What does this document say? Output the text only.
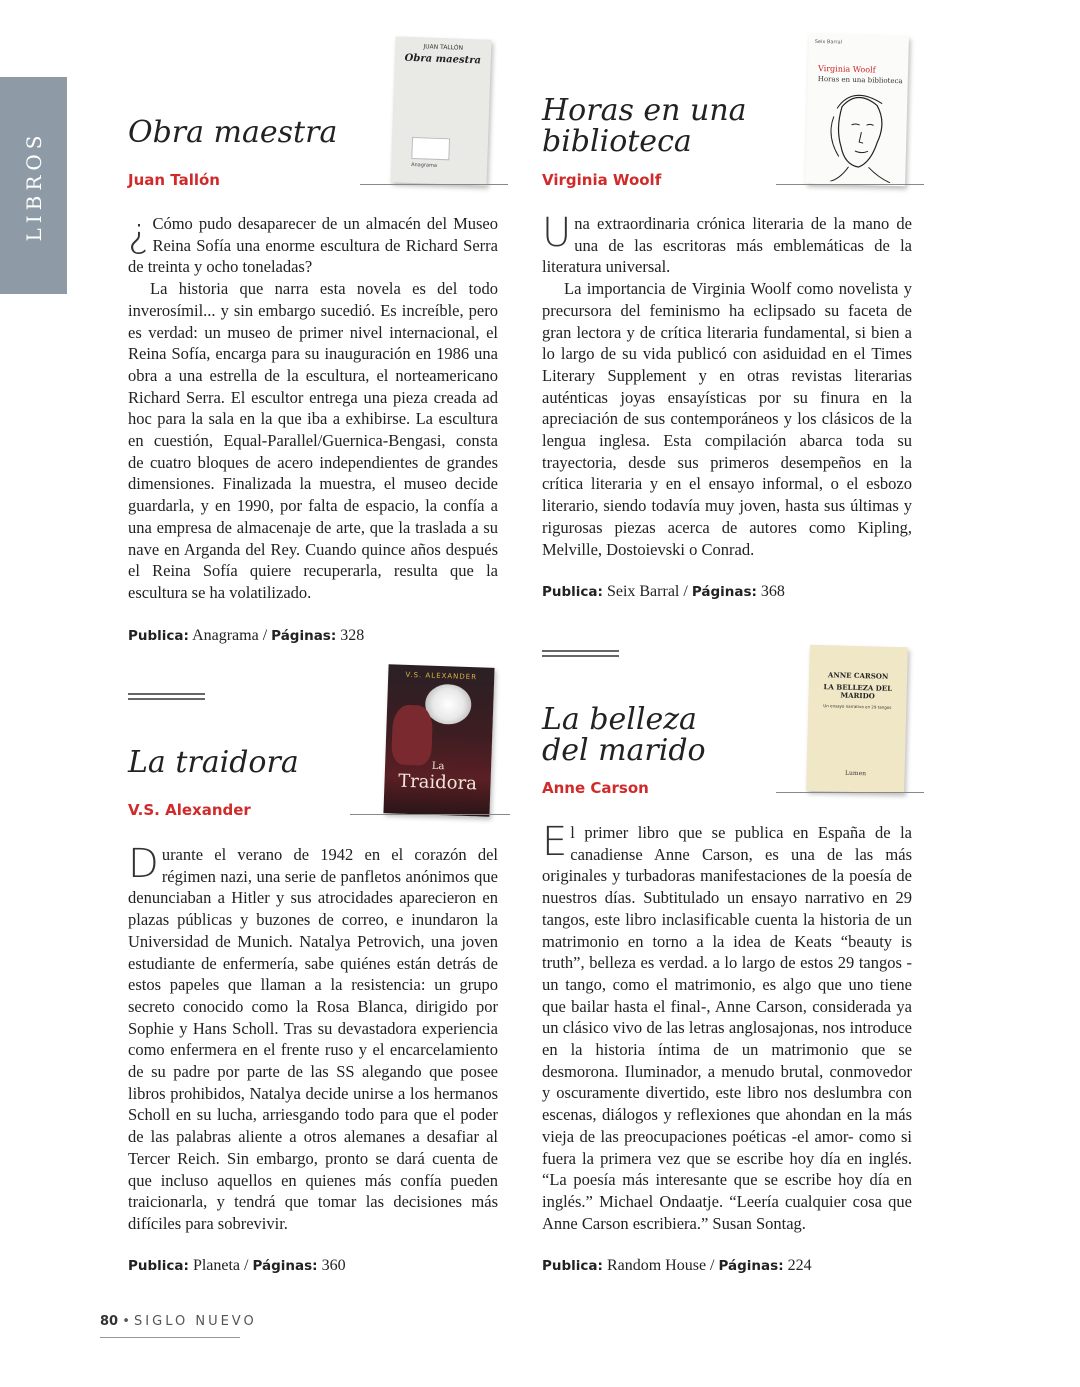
LIBROS
JUAN TALLÓN
Obra maestra
Anagrama
Obra maestra
Juan Tallón

¿ Cómo pudo desaparecer de un almacén del Museo Reina Sofía una enorme escultura de Richard Serra de treinta y ocho toneladas?

La historia que narra esta novela es del todo inverosímil... y sin embargo sucedió. Es increíble, pero es verdad: un museo de primer nivel internacional, el Reina Sofía, encarga para su inauguración en 1986 una obra a una estrella de la escultura, el norteamericano Richard Serra. El escultor entrega una pieza creada ad hoc para la sala en la que iba a exhibirse. La escultura en cuestión, Equal-Parallel/Guernica-Bengasi, consta de cuatro bloques de acero independientes de grandes dimensiones. Finalizada la muestra, el museo decide guardarla, y en 1990, por falta de espacio, la confía a una empresa de almacenaje de arte, que la traslada a su nave en Arganda del Rey. Cuando quince años después el Reina Sofía quiere recuperarla, resulta que la escultura se ha volatilizado.

Publica: Anagrama / Páginas: 328
Seix Barral
Virginia Woolf
Horas en una biblioteca
Horas en una biblioteca
Virginia Woolf

Una extraordinaria crónica literaria de la mano de una de las escritoras más emblemáticas de la literatura universal.

La importancia de Virginia Woolf como novelista y precursora del feminismo ha eclipsado su faceta de gran lectora y de crítica literaria fundamental, si bien a lo largo de su vida publicó con asiduidad en el Times Literary Supplement y en otras revistas literarias auténticas joyas ensayísticas por su finura en la apreciación de sus contemporáneos y los clásicos de la lengua inglesa. Esta compilación abarca toda su trayectoria, desde sus primeros desempeños en la crítica literaria y en el ensayo informal, o el esbozo literario, siendo todavía muy joven, hasta sus últimas y rigurosas piezas acerca de autores como Kipling, Melville, Dostoievski o Conrad.

Publica: Seix Barral / Páginas: 368
V.S. ALEXANDER
La
Traidora
La traidora
V.S. Alexander

Durante el verano de 1942 en el corazón del régimen nazi, una serie de panfletos anónimos que denunciaban a Hitler y sus atrocidades aparecieron en plazas públicas y buzones de correo, e inundaron la Universidad de Munich. Natalya Petrovich, una joven estudiante de enfermería, sabe quiénes están detrás de estos papeles que llaman a la resistencia: un grupo secreto conocido como la Rosa Blanca, dirigido por Sophie y Hans Scholl. Tras su devastadora experiencia como enfermera en el frente ruso y el encarcelamiento de su padre por parte de las SS alegando que posee libros prohibidos, Natalya decide unirse a los hermanos Scholl en su lucha, arriesgando todo para que el poder de las palabras aliente a otros alemanes a desafiar al Tercer Reich. Sin embargo, pronto se dará cuenta de que incluso aquellos en quienes más confía pueden traicionarla, y tendrá que tomar las decisiones más difíciles para sobrevivir.

Publica: Planeta / Páginas: 360
ANNE CARSON
LA BELLEZA DEL MARIDO
Un ensayo narrativo en 29 tangos
Lumen
La belleza del marido
Anne Carson

El primer libro que se publica en España de la canadiense Anne Carson, es una de las más originales y turbadoras manifestaciones de la poesía de nuestros días. Subtitulado un ensayo narrativo en 29 tangos, este libro inclasificable cuenta la historia de un matrimonio en torno a la idea de Keats “beauty is truth”, belleza es verdad. a lo largo de estos 29 tangos -un tango, como el matrimonio, es algo que uno tiene que bailar hasta el final-, Anne Carson, considerada ya un clásico vivo de las letras anglosajonas, nos introduce en la historia íntima de un matrimonio que se desmorona. Iluminador, a menudo brutal, conmovedor y oscuramente divertido, este libro nos deslumbra con escenas, diálogos y reflexiones que ahondan en la más vieja de las preocupaciones poéticas -el amor- como si fuera la primera vez que se escribe hoy día en inglés. “La poesía más interesante que se escribe hoy día en inglés.” Michael Ondaatje. “Leería cualquier cosa que Anne Carson escribiera.” Susan Sontag.

Publica: Random House / Páginas: 224
80 • SIGLO NUEVO
